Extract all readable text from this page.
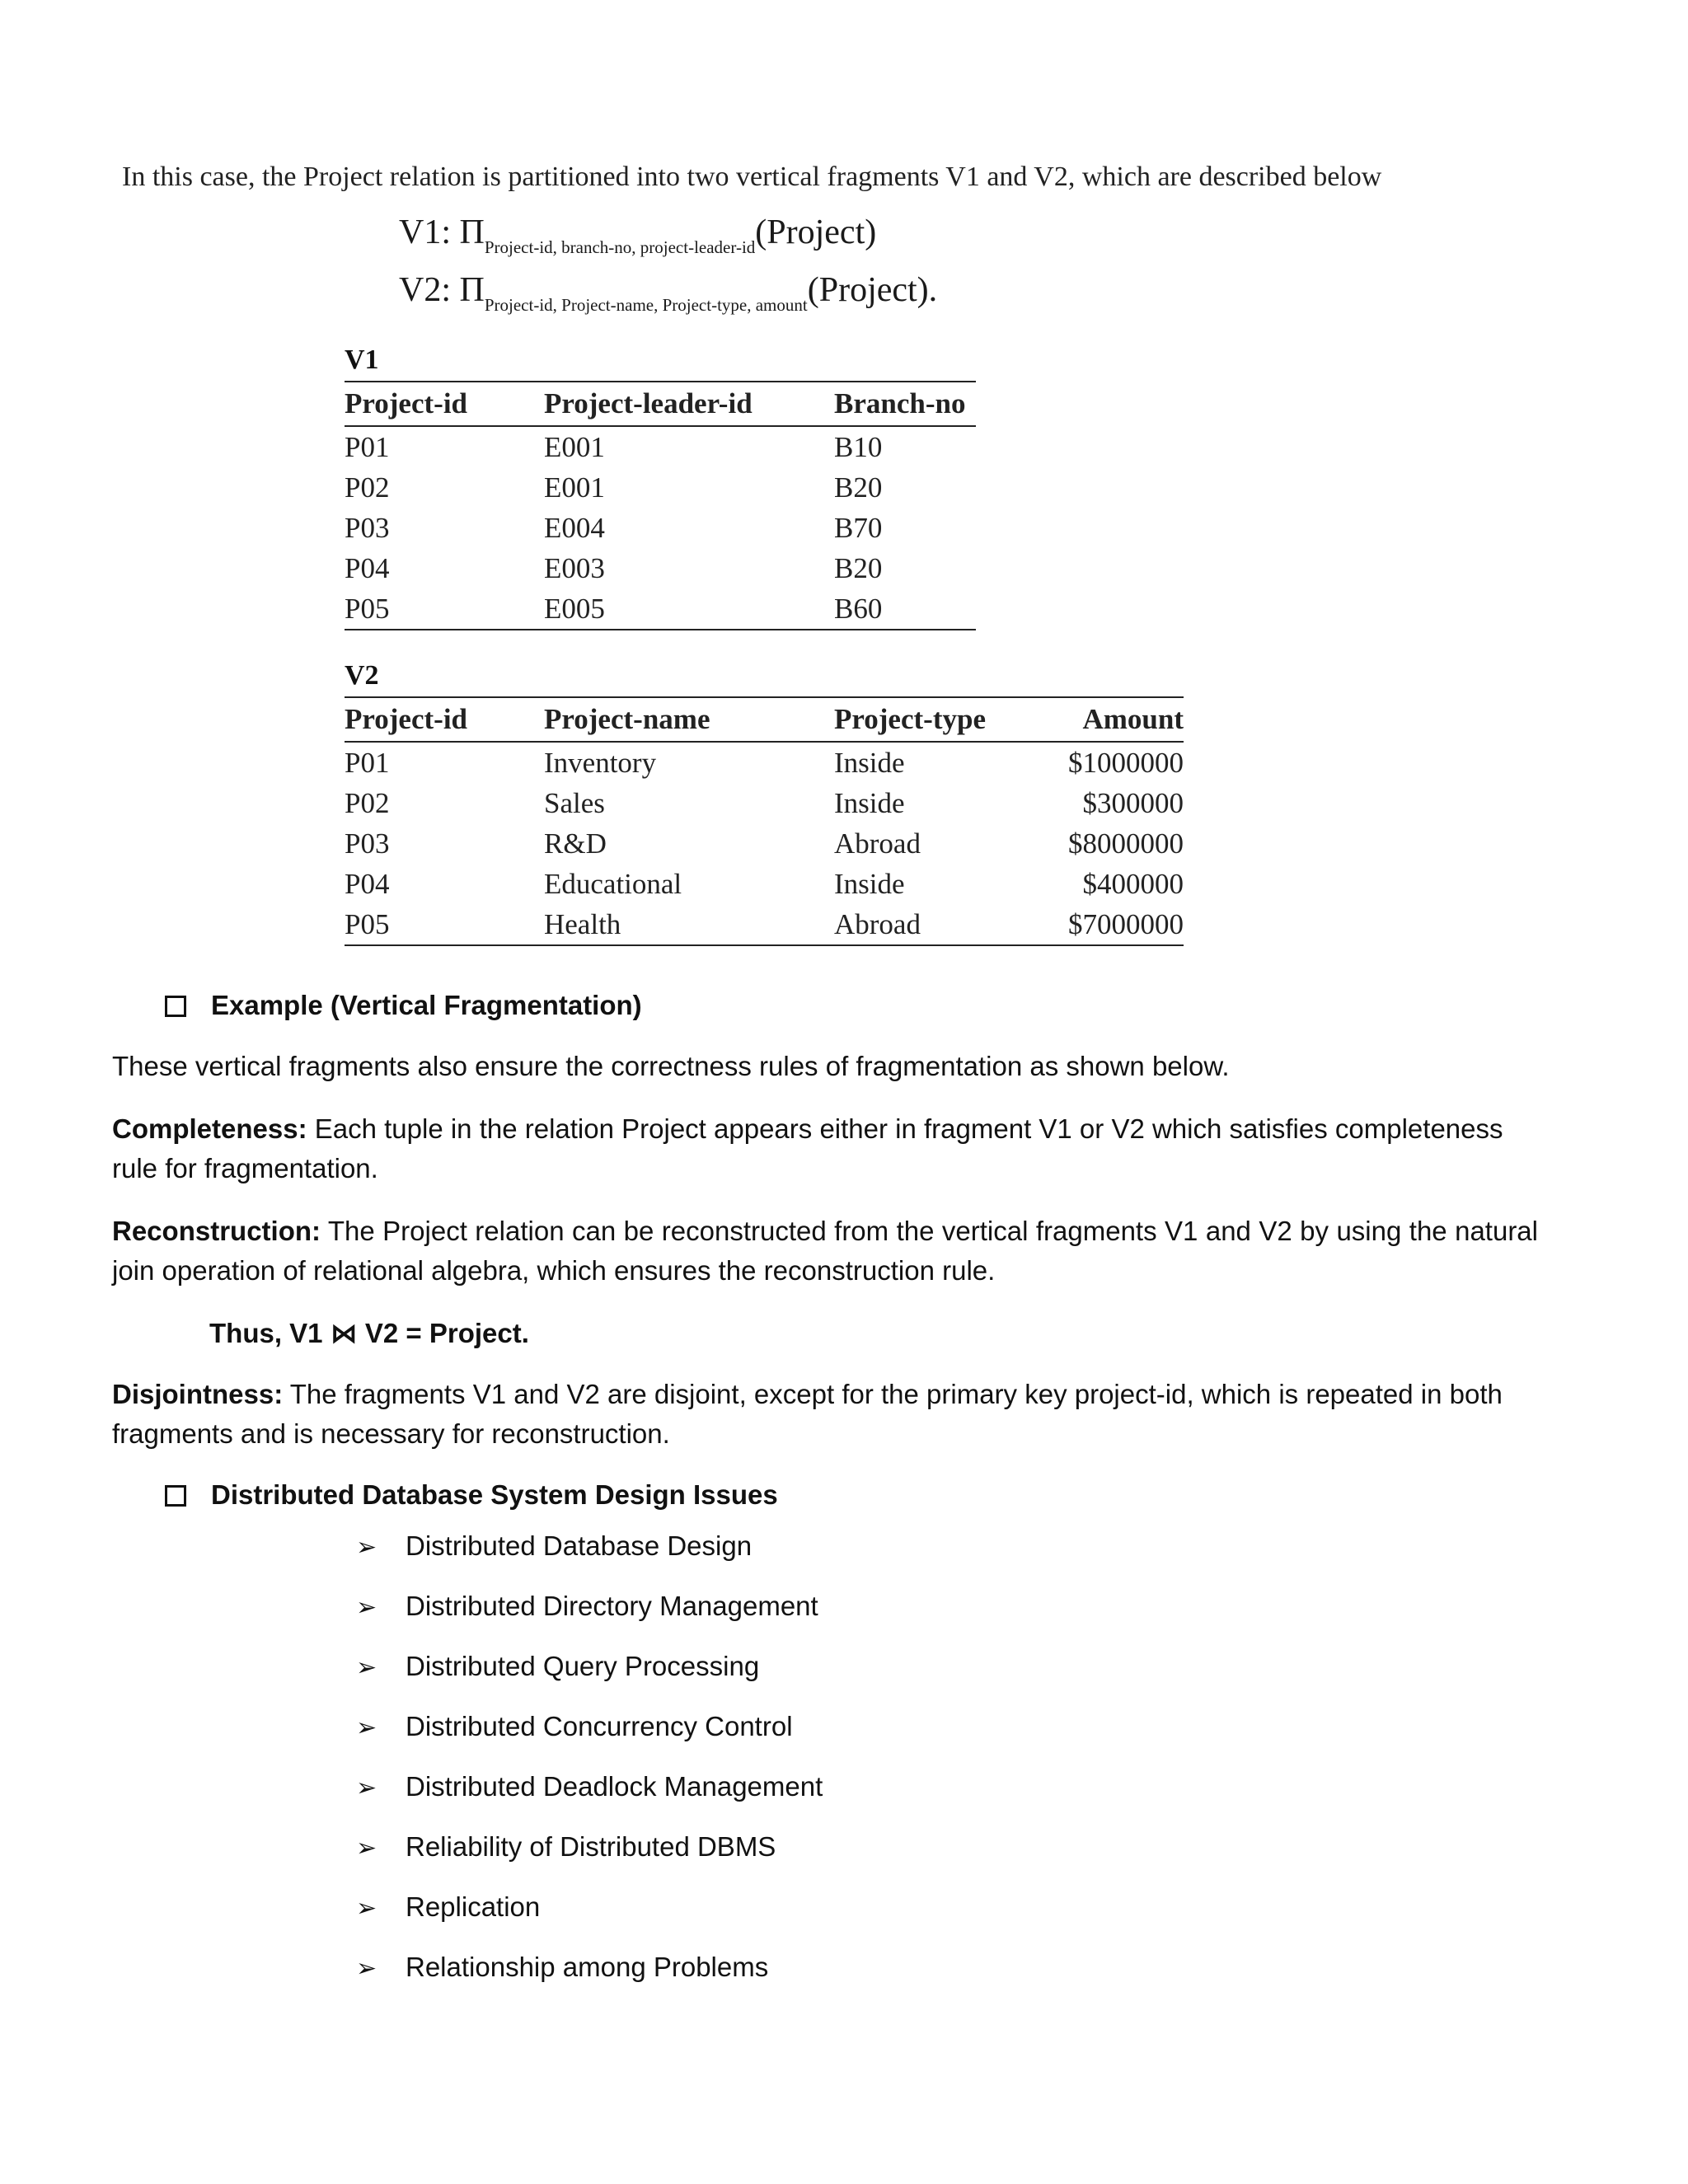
In this case, the Project relation is partitioned into two vertical fragments V1 and V2, which are described below
V1: $\Pi_{Project-id, branch-no, project-leader-id}(Project)$
V2: $\Pi_{Project-id, Project-name, Project-type, amount}(Project)$.
V1
Project-id	Project-leader-id	Branch-no
P01	E001	B10
P02	E001	B20
P03	E004	B70
P04	E003	B20
P05	E005	B60
V2
Project-id	Project-name	Project-type	Amount
P01	Inventory	Inside	$1000000
P02	Sales	Inside	$300000
P03	R&D	Abroad	$8000000
P04	Educational	Inside	$400000
P05	Health	Abroad	$7000000
Example (Vertical Fragmentation)
These vertical fragments also ensure the correctness rules of fragmentation as shown below.
Completeness: Each tuple in the relation Project appears either in fragment V1 or V2 which satisfies completeness rule for fragmentation.
Reconstruction: The Project relation can be reconstructed from the vertical fragments V1 and V2 by using the natural join operation of relational algebra, which ensures the reconstruction rule.
Thus, V1 ⋈ V2 = Project.
Disjointness: The fragments V1 and V2 are disjoint, except for the primary key project-id, which is repeated in both fragments and is necessary for reconstruction.
Distributed Database System Design Issues
➢ Distributed Database Design
➢ Distributed Directory Management
➢ Distributed Query Processing
➢ Distributed Concurrency Control
➢ Distributed Deadlock Management
➢ Reliability of Distributed DBMS
➢ Replication
➢ Relationship among Problems
